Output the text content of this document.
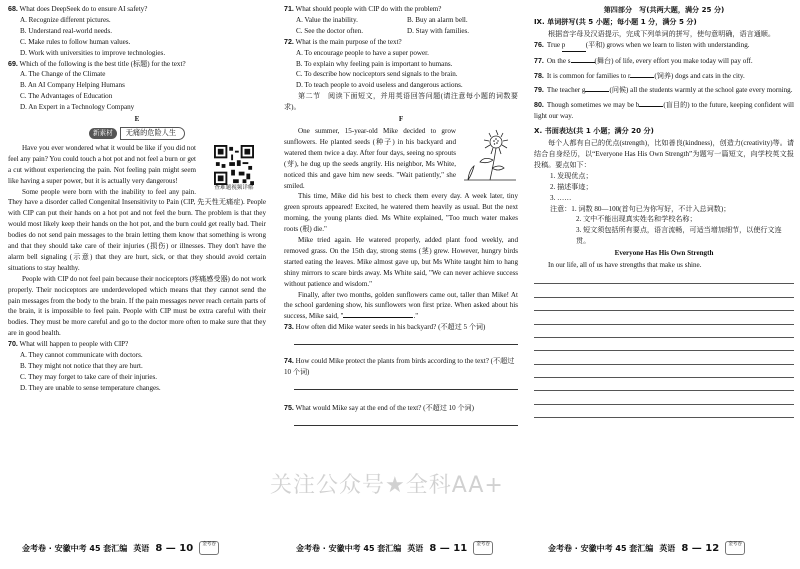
68. What does DeepSeek do to ensure AI safety?

A. Recognize different pictures.

B. Understand real-world needs.

C. Make rules to follow human values.

D. Work with universities to improve technologies.

69. Which of the following is the best title (标题) for the text?

A. The Change of the Climate

B. An AI Company Helping Humans

C. The Advantages of Education

D. An Expert in a Technology Company

E
新素材	无痛的危险人生
查难题视频详解

Have you ever wondered what it would be like if you did not feel any pain? You could touch a hot pot and not feel a burn or get a cut without experiencing the pain. Not feeling pain might seem like having a super power, but it is actually very dangerous!

Some people were born with the inability to feel any pain. They have a disorder called Congenital Insensitivity to Pain (CIP, 先天性无痛症). People with CIP can put their hands on a hot pot and not feel the burn. The problem is that they would most likely keep their hands on the hot pot, and the burn could get really bad. Their bodies do not send pain messages to the brain letting them know that something is wrong and that they should take care of their injuries (损伤) or illnesses. They don't have the alarm bell signaling (示意) that they are hurt, sick, or that they should avoid certain situations to stay healthy.

People with CIP do not feel pain because their nociceptors (疼痛感受器) do not work properly. Their nociceptors are underdeveloped which means that they cannot send the pain messages from the body to the brain. If the pain messages never reach certain parts of the brain, it is impossible to feel pain. People with CIP must be extra careful with their bodies. They must be more careful and go to the doctor more often to make sure that they are in good health.

70. What will happen to people with CIP?

A. They cannot communicate with doctors.

B. They might not notice that they are hurt.

C. They may forget to take care of their injuries.

D. They are unable to sense temperature changes.

71. What should people with CIP do with the problem?

A. Value the inability.	B. Buy an alarm bell.
C. See the doctor often.	D. Stay with families.

72. What is the main purpose of the text?

A. To encourage people to have a super power.

B. To explain why feeling pain is important to humans.

C. To describe how nociceptors send signals to the brain.

D. To teach people to avoid useless and dangerous actions.

第二节　阅读下面短文，并用英语回答问题(请注意每小题的词数要求)。

F

One summer, 15-year-old Mike decided to grow sunflowers. He planted seeds (种子) in his backyard and watered them twice a day. After four days, seeing no sprouts (芽), he dug up the seeds angrily. His neighbor, Ms White, noticed this and gave him new seeds. "Wait patiently," she smiled.

This time, Mike did his best to check them every day. A week later, tiny green sprouts appeared! Excited, he watered them heavily as usual. But the next morning, the young plants died. Ms White explained, "Too much water makes roots (根) die."

Mike tried again. He watered properly, added plant food weekly, and removed grass. On the 15th day, strong stems (茎) grew. However, hungry birds started eating the leaves. Mike almost gave up, but Ms White taught him to hang shiny mirrors to scare birds away. Ms White said, "We can never achieve success without patience and wisdom."

Finally, after two months, golden sunflowers came out, taller than Mike! At the school gardening show, his sunflowers won first prize. When asked about his success, Mike said, "	."

73. How often did Mike water seeds in his backyard? (不超过 5 个词)

74. How could Mike protect the plants from birds according to the text? (不超过 10 个词)

75. What would Mike say at the end of the text? (不超过 10 个词)

第四部分　写(共两大题，满分 25 分)
Ⅸ. 单词拼写(共 5 小题；每小题 1 分，满分 5 分)

根据音字母及汉语提示，完成下列单词的拼写，使句意明确，语言通顺。

76. True p	(平和) grows when we learn to listen with understanding.

77. On the s	(舞台) of life, every effort you make today will pay off.

78. It is common for families to r	(饲养) dogs and cats in the city.

79. The teacher g	(问候) all the students warmly at the school gate every morning.

80. Though sometimes we may be b	(盲目的) to the future, keeping confident will light our way.

Ⅹ. 书面表达(共 1 小题；满分 20 分)

每个人都有自己的优点(strength)，比如善良(kindness)，创造力(creativity)等。请结合自身经历，以“Everyone Has His Own Strength”为题写一篇短文，向学校英文报投稿。要点如下：

1. 发现优点；

2. 描述事迹；

3. ……

注意：1. 词数 80—100(首句已为你写好，不计入总词数)；

2. 文中不能出现真实姓名和学校名称；

3. 短文须包括所有要点，语言流畅，可适当增加细节，以使行文连贯。

Everyone Has His Own Strength

In our life, all of us have strengths that make us shine.

关注公众号★全科AA+
金考卷 · 安徽中考 45 套汇编 英语 8 — 10	金考卷	金考卷 · 安徽中考 45 套汇编 英语 8 — 11	金考卷	金考卷 · 安徽中考 45 套汇编 英语 8 — 12	金考卷
